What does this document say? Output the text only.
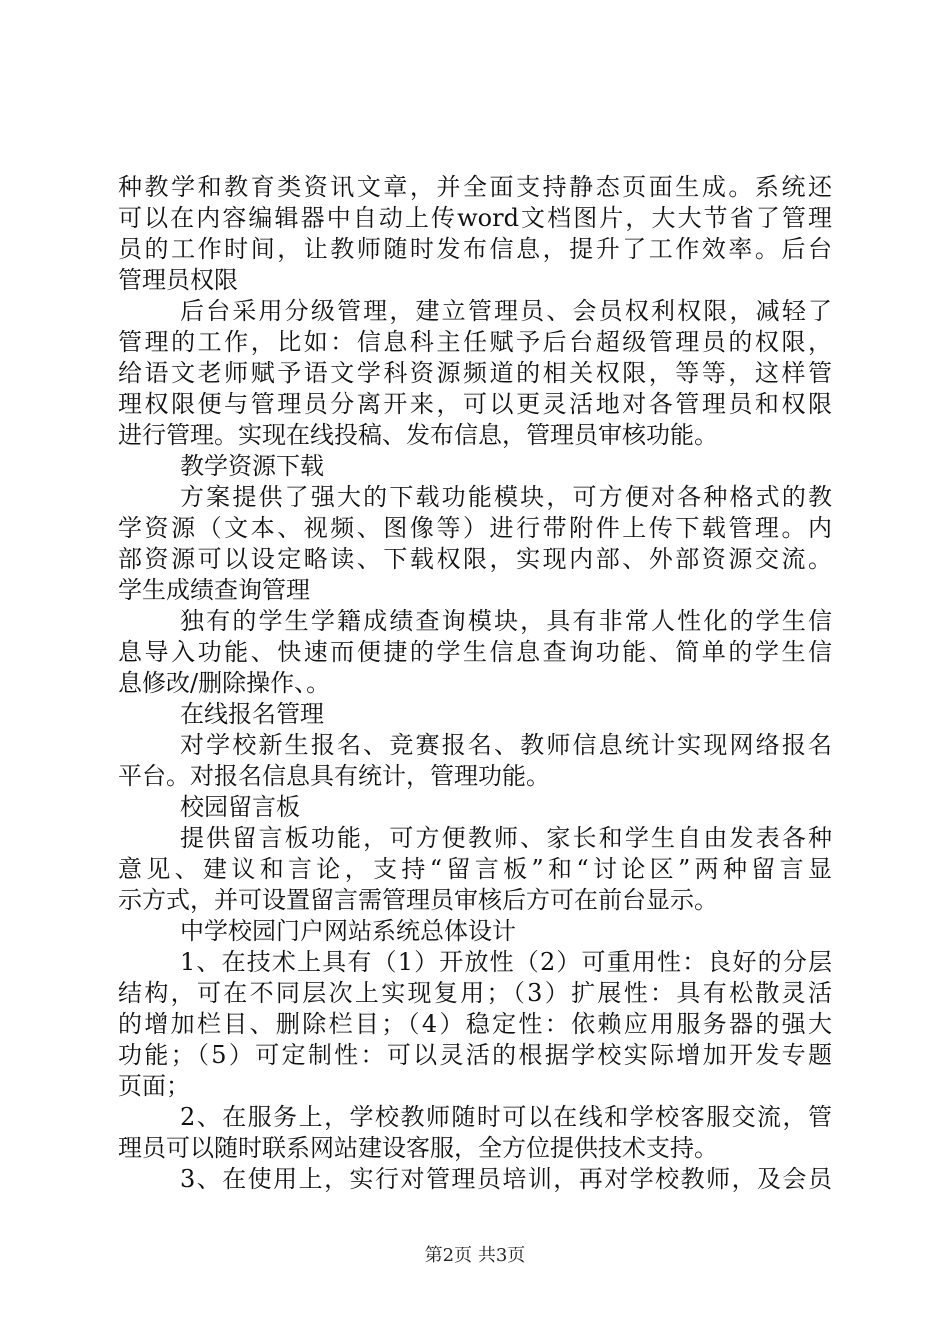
种教学和教育类资讯文章，并全面支持静态页面生成。系统还
可以在内容编辑器中自动上传word文档图片，大大节省了管理
员的工作时间，让教师随时发布信息，提升了工作效率。后台
管理员权限
后台采用分级管理，建立管理员、会员权利权限，减轻了
管理的工作，比如：信息科主任赋予后台超级管理员的权限，
给语文老师赋予语文学科资源频道的相关权限，等等，这样管
理权限便与管理员分离开来，可以更灵活地对各管理员和权限
进行管理。实现在线投稿、发布信息，管理员审核功能。
教学资源下载
方案提供了强大的下载功能模块，可方便对各种格式的教
学资源（文本、视频、图像等）进行带附件上传下载管理。内
部资源可以设定略读、下载权限，实现内部、外部资源交流。
学生成绩查询管理
独有的学生学籍成绩查询模块，具有非常人性化的学生信
息导入功能、快速而便捷的学生信息查询功能、简单的学生信
息修改/删除操作、。
在线报名管理
对学校新生报名、竞赛报名、教师信息统计实现网络报名
平台。对报名信息具有统计，管理功能。
校园留言板
提供留言板功能，可方便教师、家长和学生自由发表各种
意见、建议和言论，支持“留言板”和“讨论区”两种留言显
示方式，并可设置留言需管理员审核后方可在前台显示。
中学校园门户网站系统总体设计
1、在技术上具有（1）开放性（2）可重用性：良好的分层
结构，可在不同层次上实现复用；（3）扩展性：具有松散灵活
的增加栏目、删除栏目；（4）稳定性：依赖应用服务器的强大
功能；（5）可定制性：可以灵活的根据学校实际增加开发专题
页面；
2、在服务上，学校教师随时可以在线和学校客服交流，管
理员可以随时联系网站建设客服，全方位提供技术支持。
3、在使用上，实行对管理员培训，再对学校教师，及会员
第2页 共3页
